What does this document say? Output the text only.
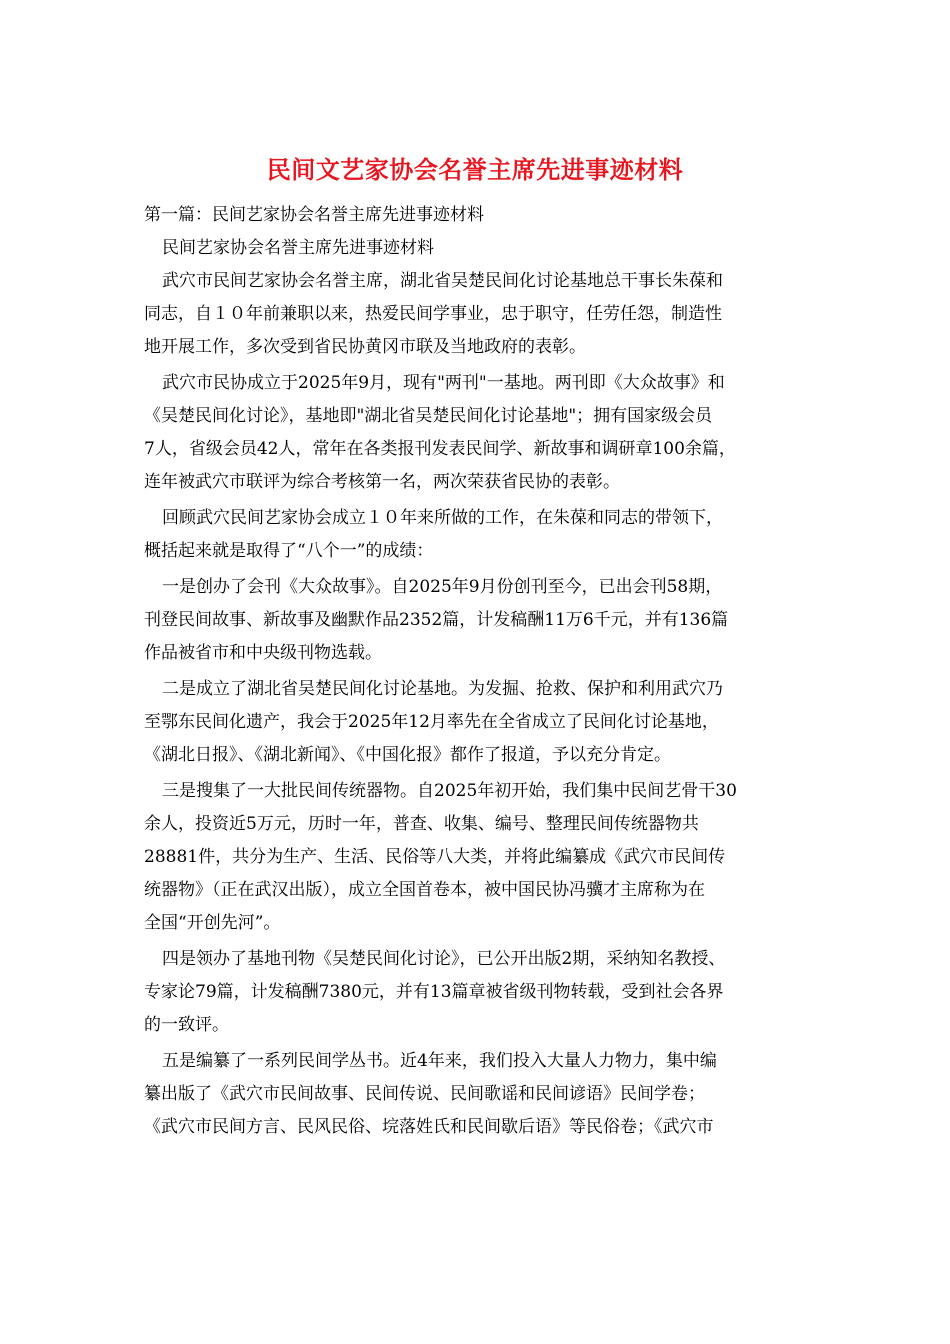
民间文艺家协会名誉主席先进事迹材料
第一篇：民间艺家协会名誉主席先进事迹材料
民间艺家协会名誉主席先进事迹材料
武穴市民间艺家协会名誉主席，湖北省吴楚民间化讨论基地总干事长朱葆和
同志，自１０年前兼职以来，热爱民间学事业，忠于职守，任劳任怨，制造性
地开展工作，多次受到省民协黄冈市联及当地政府的表彰。
武穴市民协成立于2025年9月，现有"两刊"一基地。两刊即《大众故事》和
《吴楚民间化讨论》，基地即"湖北省吴楚民间化讨论基地"；拥有国家级会员
7人，省级会员42人，常年在各类报刊发表民间学、新故事和调研章100余篇，
连年被武穴市联评为综合考核第一名，两次荣获省民协的表彰。
回顾武穴民间艺家协会成立１０年来所做的工作，在朱葆和同志的带领下，
概括起来就是取得了“八个一”的成绩：
一是创办了会刊《大众故事》。自2025年9月份创刊至今，已出会刊58期，
刊登民间故事、新故事及幽默作品2352篇，计发稿酬11万6千元，并有136篇
作品被省市和中央级刊物选载。
二是成立了湖北省吴楚民间化讨论基地。为发掘、抢救、保护和利用武穴乃
至鄂东民间化遗产，我会于2025年12月率先在全省成立了民间化讨论基地，
《湖北日报》、《湖北新闻》、《中国化报》都作了报道，予以充分肯定。
三是搜集了一大批民间传统器物。自2025年初开始，我们集中民间艺骨干30
余人，投资近5万元，历时一年，普查、收集、编号、整理民间传统器物共
28881件，共分为生产、生活、民俗等八大类，并将此编纂成《武穴市民间传
统器物》（正在武汉出版），成立全国首卷本，被中国民协冯骥才主席称为在
全国“开创先河”。
四是领办了基地刊物《吴楚民间化讨论》，已公开出版2期，采纳知名教授、
专家论79篇，计发稿酬7380元，并有13篇章被省级刊物转载，受到社会各界
的一致评。
五是编纂了一系列民间学丛书。近4年来，我们投入大量人力物力，集中编
纂出版了《武穴市民间故事、民间传说、民间歌谣和民间谚语》民间学卷；
《武穴市民间方言、民风民俗、垸落姓氏和民间歇后语》等民俗卷；《武穴市
